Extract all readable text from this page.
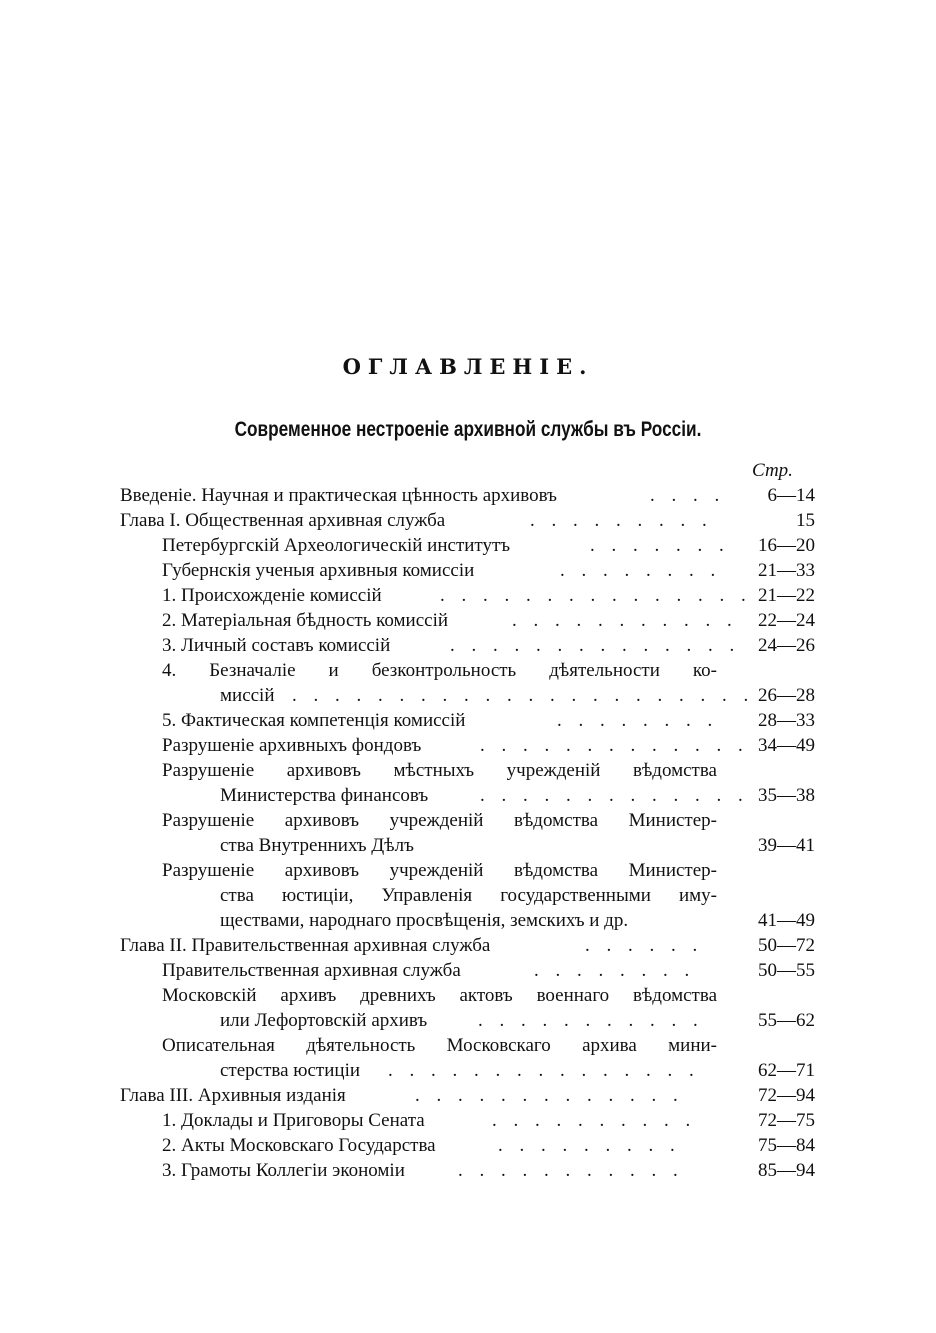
ОГЛАВЛЕНІЕ.
Современное нестроеніе архивной службы въ Россіи.
Стр.
Введеніе. Научная и практическая цѣнность архивовъ	. . . .	6—14
Глава I. Общественная архивная служба	. . . . . . . . .	15
Петербургскій Археологическій институтъ	. . . . . . .	16—20
Губернскія ученыя архивныя комиссіи	. . . . . . . .	21—33
1. Происхожденіе комиссій	. . . . . . . . . . . . . . . 21—22
2. Матеріальная бѣдность комиссій	. . . . . . . . . . .	22—24
3. Личный составъ комиссій	. . . . . . . . . . . . . . 24—26
4. Безначаліе и безконтрольность дѣятельности ко-
миссій . . . . . . . . . . . . . . . . . . . . . . 26—28
5. Фактическая компетенція комиссій	. . . . . . . .	28—33
Разрушеніе архивныхъ фондовъ	. . . . . . . . . . . . . 34—49
Разрушеніе архивовъ мѣстныхъ учрежденій вѣдомства
Министерства финансовъ	. . . . . . . . . . . . . 35—38
Разрушеніе архивовъ учрежденій вѣдомства Министер-
ства Внутреннихъ Дѣлъ	39—41
Разрушеніе архивовъ учрежденій вѣдомства Министер-
ства юстиціи, Управленія государственными иму-
ществами, народнаго просвѣщенія, земскихъ и др.	41—49
Глава II. Правительственная архивная служба	. . . . . .	50—72
Правительственная архивная служба	. . . . . . . .	50—55
Московскій архивъ древнихъ актовъ военнаго вѣдомства
или Лефортовскій архивъ	. . . . . . . . . . .	55—62
Описательная дѣятельность Московскаго архива мини-
стерства юстиціи . . . . . . . . . . . . . . .	62—71
Глава III. Архивныя изданія	. . . . . . . . . . . . .	72—94
1. Доклады и Приговоры Сената	. . . . . . . . . .	72—75
2. Акты Московскаго Государства	. . . . . . . . .	75—84
3. Грамоты Коллегіи экономіи	. . . . . . . . . . .	85—94
